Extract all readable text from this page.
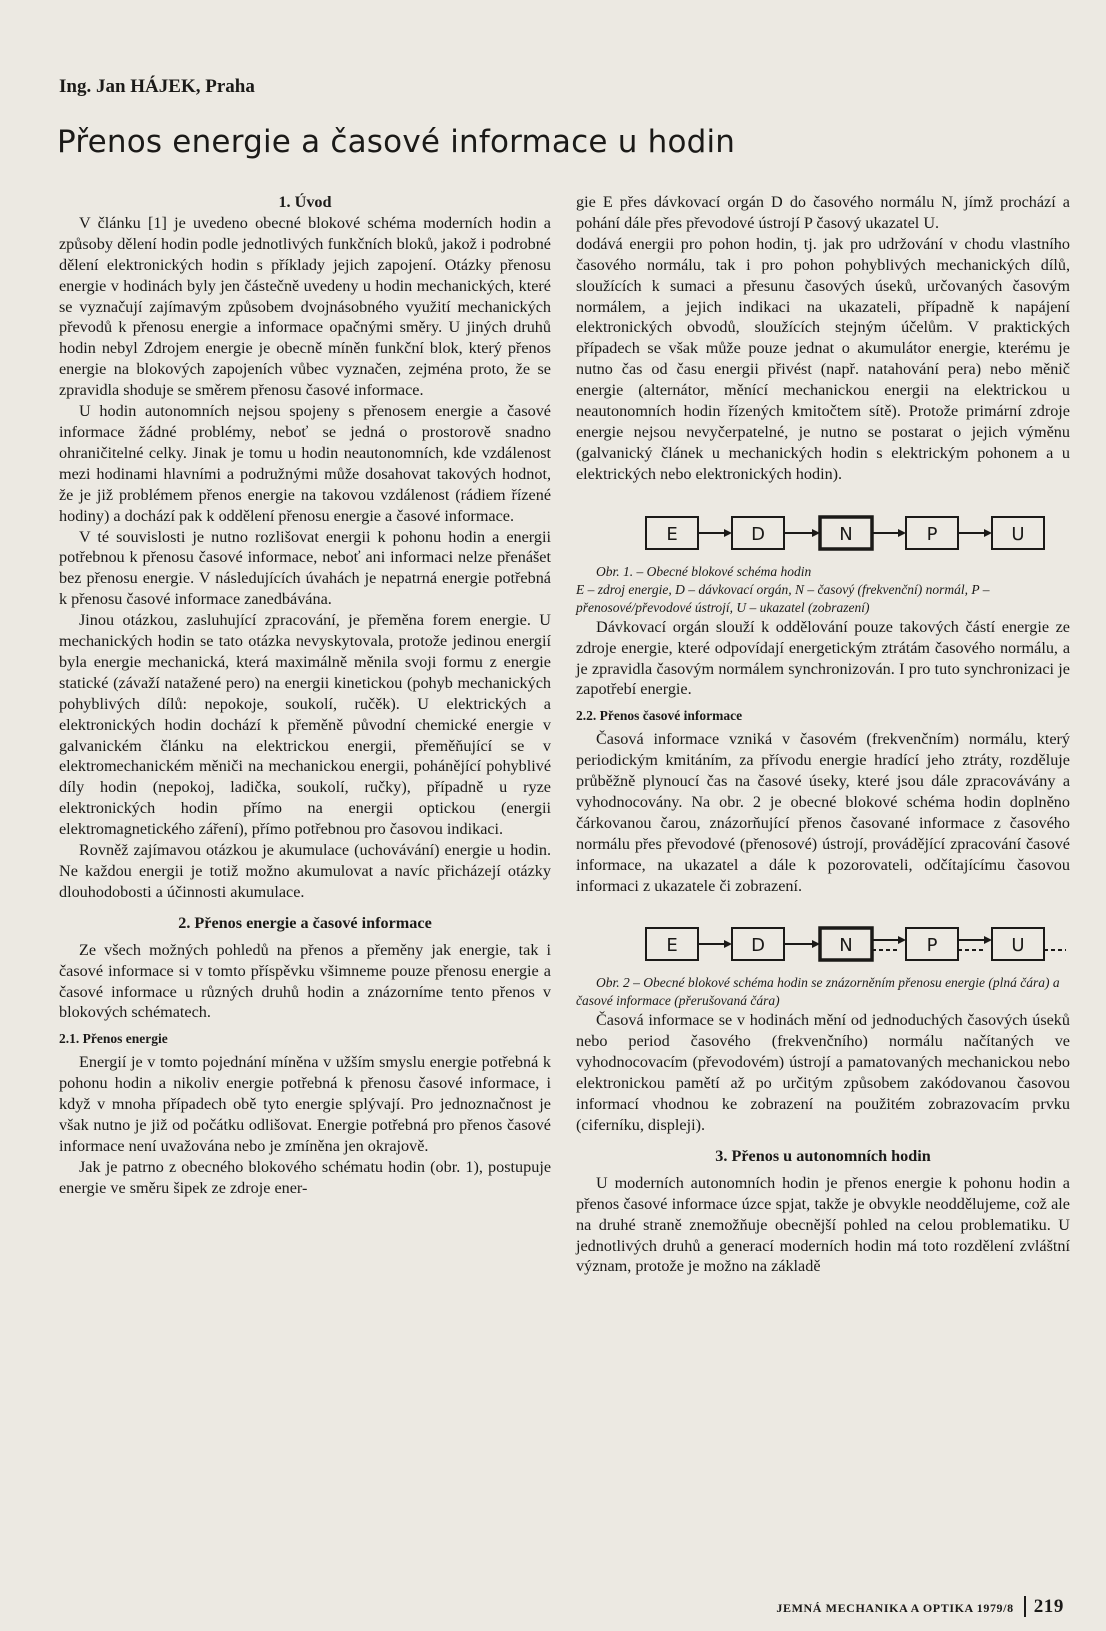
Ing. Jan HÁJEK, Praha
Přenos energie a časové informace u hodin
1. Úvod

V článku [1] je uvedeno obecné blokové schéma moderních hodin a způsoby dělení hodin podle jednotlivých funkčních bloků, jakož i podrobné dělení elektronických hodin s příklady jejich zapojení. Otázky přenosu energie v hodinách byly jen částečně uvedeny u hodin mechanických, které se vyznačují zajímavým způsobem dvojnásobného využití mechanických převodů k přenosu energie a informace opačnými směry. U jiných druhů hodin nebyl Zdrojem energie je obecně míněn funkční blok, který přenos energie na blokových zapojeních vůbec vyznačen, zejména proto, že se zpravidla shoduje se směrem přenosu časové informace.

U hodin autonomních nejsou spojeny s přenosem energie a časové informace žádné problémy, neboť se jedná o prostorově snadno ohraničitelné celky. Jinak je tomu u hodin neautonomních, kde vzdálenost mezi hodinami hlavními a podružnými může dosahovat takových hodnot, že je již problémem přenos energie na takovou vzdálenost (rádiem řízené hodiny) a dochází pak k oddělení přenosu energie a časové informace.

V té souvislosti je nutno rozlišovat energii k pohonu hodin a energii potřebnou k přenosu časové informace, neboť ani informaci nelze přenášet bez přenosu energie. V následujících úvahách je nepatrná energie potřebná k přenosu časové informace zanedbávána.

Jinou otázkou, zasluhující zpracování, je přeměna forem energie. U mechanických hodin se tato otázka nevyskytovala, protože jedinou energií byla energie mechanická, která maximálně měnila svoji formu z energie statické (závaží natažené pero) na energii kinetickou (pohyb mechanických pohyblivých dílů: nepokoje, soukolí, ručěk). U elektrických a elektronických hodin dochází k přeměně původní chemické energie v galvanickém článku na elektrickou energii, přeměňující se v elektromechanickém měniči na mechanickou energii, pohánějící pohyblivé díly hodin (nepokoj, ladička, soukolí, ručky), případně u ryze elektronických hodin přímo na energii optickou (energii elektromagnetického záření), přímo potřebnou pro časovou indikaci.

Rovněž zajímavou otázkou je akumulace (uchovávání) energie u hodin. Ne každou energii je totiž možno akumulovat a navíc přicházejí otázky dlouhodobosti a účinnosti akumulace.

2. Přenos energie a časové informace

Ze všech možných pohledů na přenos a přeměny jak energie, tak i časové informace si v tomto příspěvku všimneme pouze přenosu energie a časové informace u různých druhů hodin a znázorníme tento přenos v blokových schématech.

2.1. Přenos energie

Energií je v tomto pojednání míněna v užším smyslu energie potřebná k pohonu hodin a nikoliv energie potřebná k přenosu časové informace, i když v mnoha případech obě tyto energie splývají. Pro jednoznačnost je však nutno je již od počátku odlišovat. Energie potřebná pro přenos časové informace není uvažována nebo je zmíněna jen okrajově.

Jak je patrno z obecného blokového schématu hodin (obr. 1), postupuje energie ve směru šipek ze zdroje ener-

gie E přes dávkovací orgán D do časového normálu N, jímž prochází a pohání dále přes převodové ústrojí P časový ukazatel U.

dodává energii pro pohon hodin, tj. jak pro udržování v chodu vlastního časového normálu, tak i pro pohon pohyblivých mechanických dílů, sloužících k sumaci a přesunu časových úseků, určovaných časovým normálem, a jejich indikaci na ukazateli, případně k napájení elektronických obvodů, sloužících stejným účelům. V praktických případech se však může pouze jednat o akumulátor energie, kterému je nutno čas od času energii přivést (např. natahování pera) nebo měnič energie (alternátor, měnící mechanickou energii na elektrickou u neautonomních hodin řízených kmitočtem sítě). Protože primární zdroje energie nejsou nevyčerpatelné, je nutno se postarat o jejich výměnu (galvanický článek u mechanických hodin s elektrickým pohonem a u elektrických nebo elektronických hodin).

E	D	N	P	U

Obr. 1. – Obecné blokové schéma hodin
E – zdroj energie, D – dávkovací orgán, N – časový (frekvenční) normál, P – přenosové/převodové ústrojí, U – ukazatel (zobrazení)

Dávkovací orgán slouží k oddělování pouze takových částí energie ze zdroje energie, které odpovídají energetickým ztrátám časového normálu, a je zpravidla časovým normálem synchronizován. I pro tuto synchronizaci je zapotřebí energie.

2.2. Přenos časové informace

Časová informace vzniká v časovém (frekvenčním) normálu, který periodickým kmitáním, za přívodu energie hradící jeho ztráty, rozděluje průběžně plynoucí čas na časové úseky, které jsou dále zpracovávány a vyhodnocovány. Na obr. 2 je obecné blokové schéma hodin doplněno čárkovanou čarou, znázorňující přenos časované informace z časového normálu přes převodové (přenosové) ústrojí, provádějící zpracování časové informace, na ukazatel a dále k pozorovateli, odčítajícímu časovou informaci z ukazatele či zobrazení.

E	D	N	P	U

Obr. 2 – Obecné blokové schéma hodin se znázorněním přenosu energie (plná čára) a časové informace (přerušovaná čára)

Časová informace se v hodinách mění od jednoduchých časových úseků nebo period časového (frekvenčního) normálu načítaných ve vyhodnocovacím (převodovém) ústrojí a pamatovaných mechanickou nebo elektronickou pamětí až po určitým způsobem zakódovanou časovou informací vhodnou ke zobrazení na použitém zobrazovacím prvku (ciferníku, displeji).

3. Přenos u autonomních hodin

U moderních autonomních hodin je přenos energie k pohonu hodin a přenos časové informace úzce spjat, takže je obvykle neoddělujeme, což ale na druhé straně znemožňuje obecnější pohled na celou problematiku. U jednotlivých druhů a generací moderních hodin má toto rozdělení zvláštní význam, protože je možno na základě

JEMNÁ MECHANIKA A OPTIKA 1979/8 219
